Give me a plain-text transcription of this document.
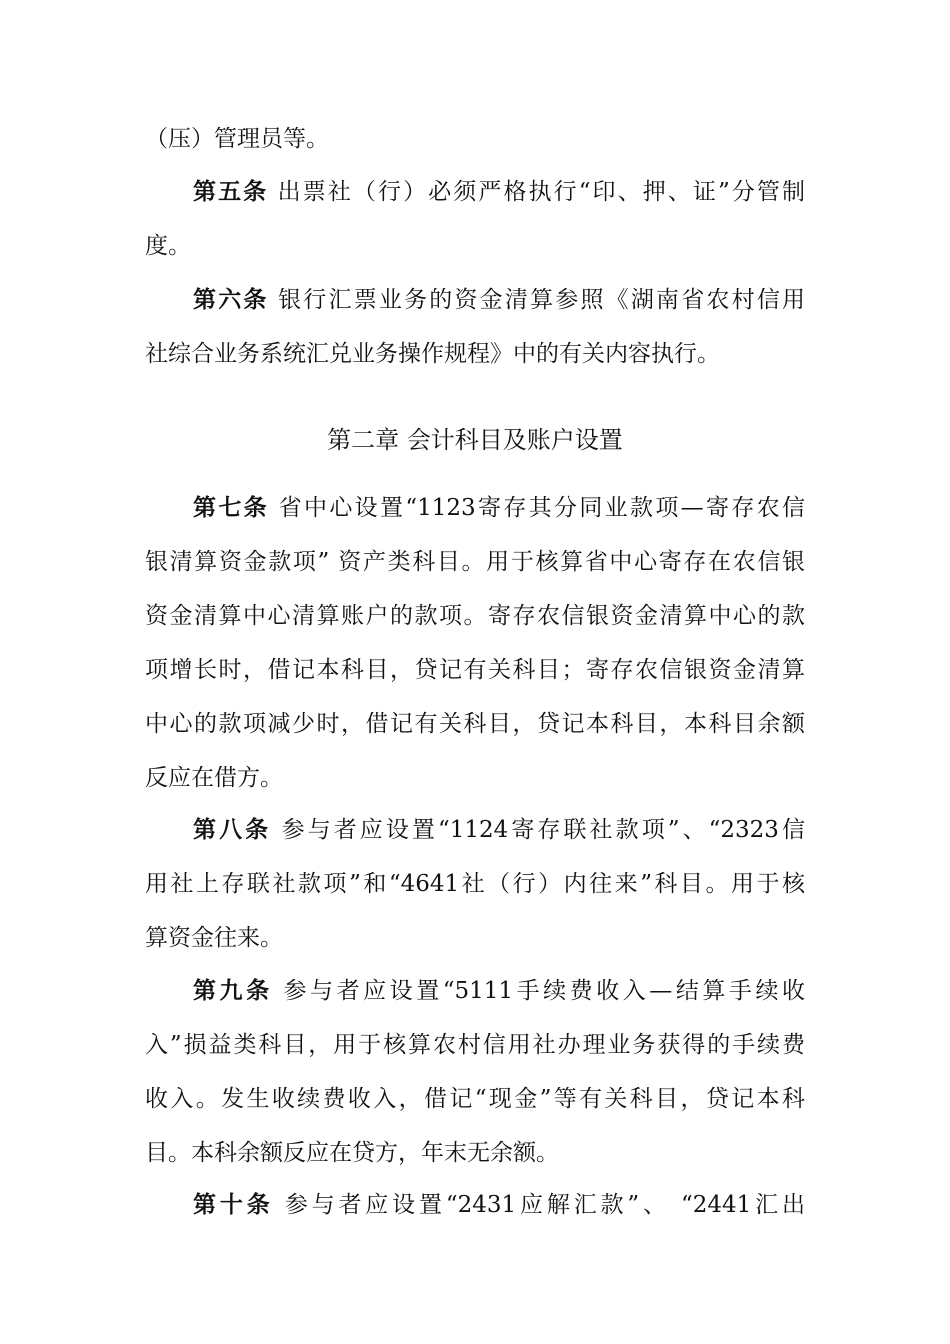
（压）管理员等。
第五条 出票社（行）必须严格执行“印、押、证”分管制
度。
第六条 银行汇票业务的资金清算参照《湖南省农村信用
社综合业务系统汇兑业务操作规程》中的有关内容执行。
第二章 会计科目及账户设置
第七条 省中心设置“1123寄存其分同业款项—寄存农信
银清算资金款项” 资产类科目。用于核算省中心寄存在农信银
资金清算中心清算账户的款项。寄存农信银资金清算中心的款
项增长时，借记本科目，贷记有关科目；寄存农信银资金清算
中心的款项减少时，借记有关科目，贷记本科目，本科目余额
反应在借方。
第八条 参与者应设置“1124寄存联社款项”、“2323信
用社上存联社款项”和“4641社（行）内往来”科目。用于核
算资金往来。
第九条 参与者应设置“5111手续费收入—结算手续收
入”损益类科目，用于核算农村信用社办理业务获得的手续费
收入。发生收续费收入，借记“现金”等有关科目，贷记本科
目。本科余额反应在贷方，年末无余额。
第十条 参与者应设置“2431应解汇款”、 “2441汇出
